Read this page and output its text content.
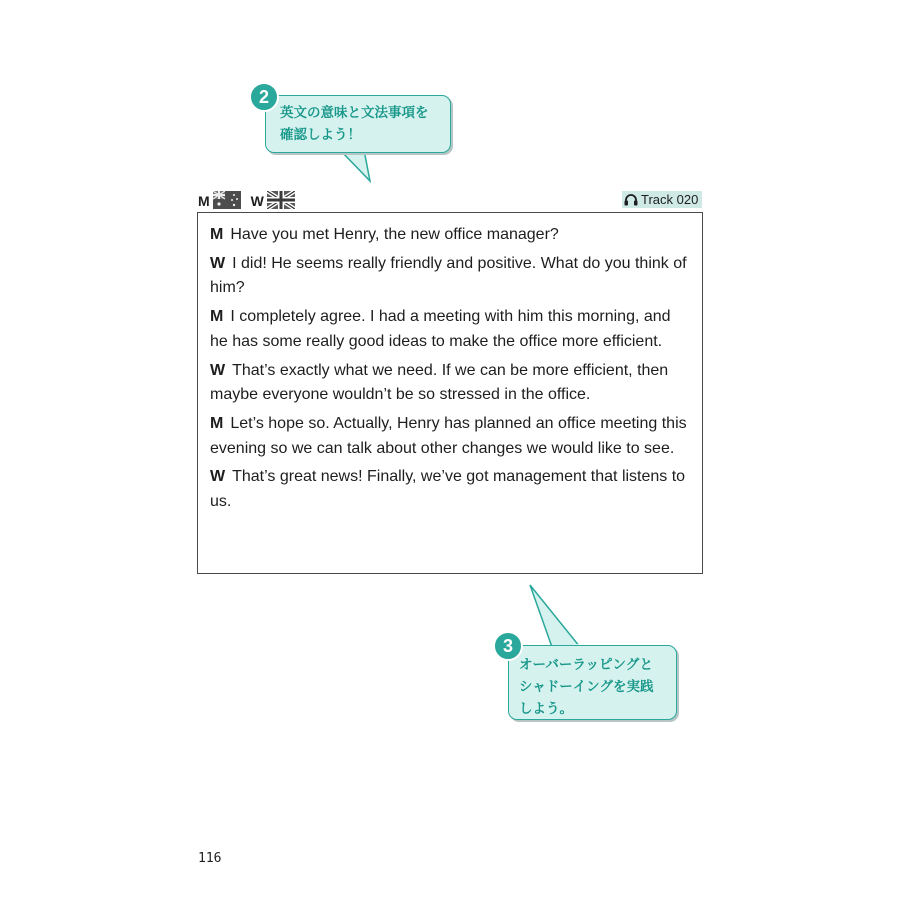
英文の意味と文法事項を
確認しよう！
2
M	W	Track 020

M Have you met Henry, the new office manager?

W I did! He seems really friendly and positive. What do you think of him?

M I completely agree. I had a meeting with him this morning, and he has some really good ideas to make the office more efficient.

W That’s exactly what we need. If we can be more efficient, then maybe everyone wouldn’t be so stressed in the office.

M Let’s hope so. Actually, Henry has planned an office meeting this evening so we can talk about other changes we would like to see.

W That’s great news! Finally, we’ve got management that listens to us.

オーバーラッピングと
シャドーイングを実践
しよう。
3
116
